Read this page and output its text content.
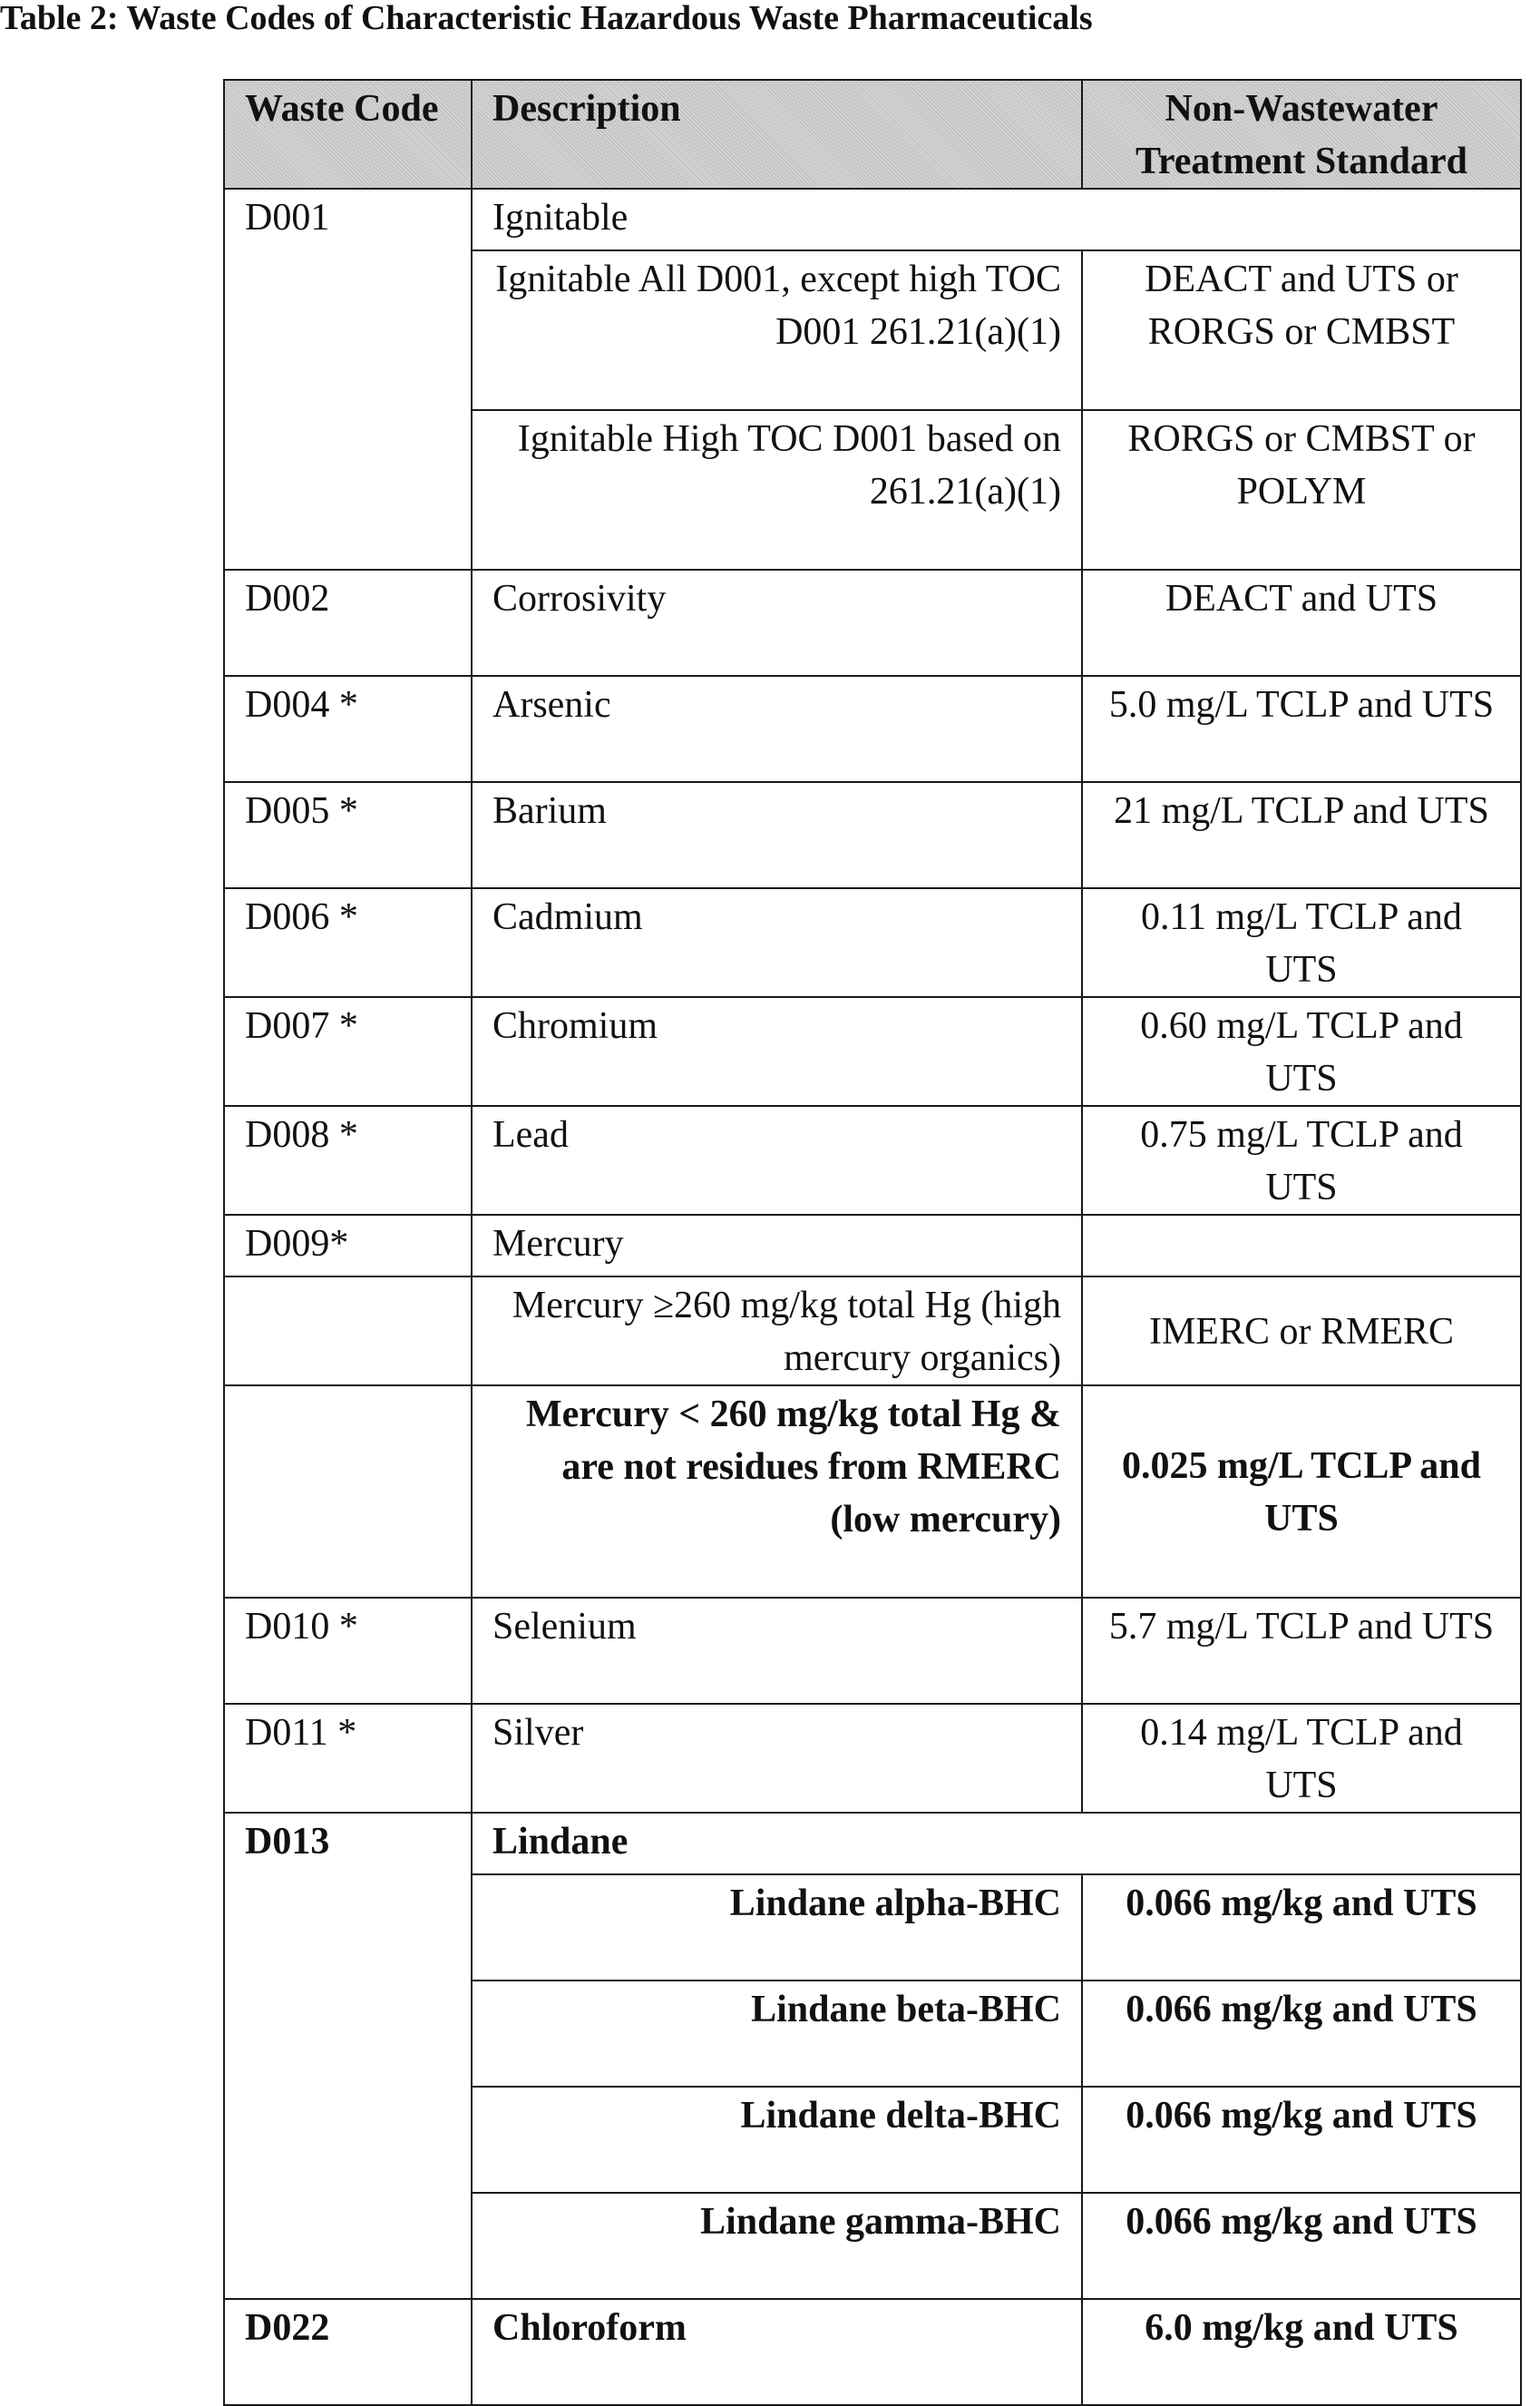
Table 2: Waste Codes of Characteristic Hazardous Waste Pharmaceuticals
Waste Code	Description	Non-Wastewater Treatment Standard
D001	Ignitable	
	Ignitable All D001, except high TOC D001 261.21(a)(1)	DEACT and UTS or RORGS or CMBST
	Ignitable High TOC D001 based on 261.21(a)(1)	RORGS or CMBST or POLYM
D002	Corrosivity	DEACT and UTS
D004 *	Arsenic	5.0 mg/L TCLP and UTS
D005 *	Barium	21 mg/L TCLP and UTS
D006 *	Cadmium	0.11 mg/L TCLP and UTS
D007 *	Chromium	0.60 mg/L TCLP and UTS
D008 *	Lead	0.75 mg/L TCLP and UTS
D009*	Mercury	
	Mercury ≥260 mg/kg total Hg (high mercury organics)	IMERC or RMERC
	Mercury < 260 mg/kg total Hg & are not residues from RMERC (low mercury)	0.025 mg/L TCLP and UTS
D010 *	Selenium	5.7 mg/L TCLP and UTS
D011 *	Silver	0.14 mg/L TCLP and UTS
D013	Lindane	
	Lindane alpha-BHC	0.066 mg/kg and UTS
	Lindane beta-BHC	0.066 mg/kg and UTS
	Lindane delta-BHC	0.066 mg/kg and UTS
	Lindane gamma-BHC	0.066 mg/kg and UTS
D022	Chloroform	6.0 mg/kg and UTS
